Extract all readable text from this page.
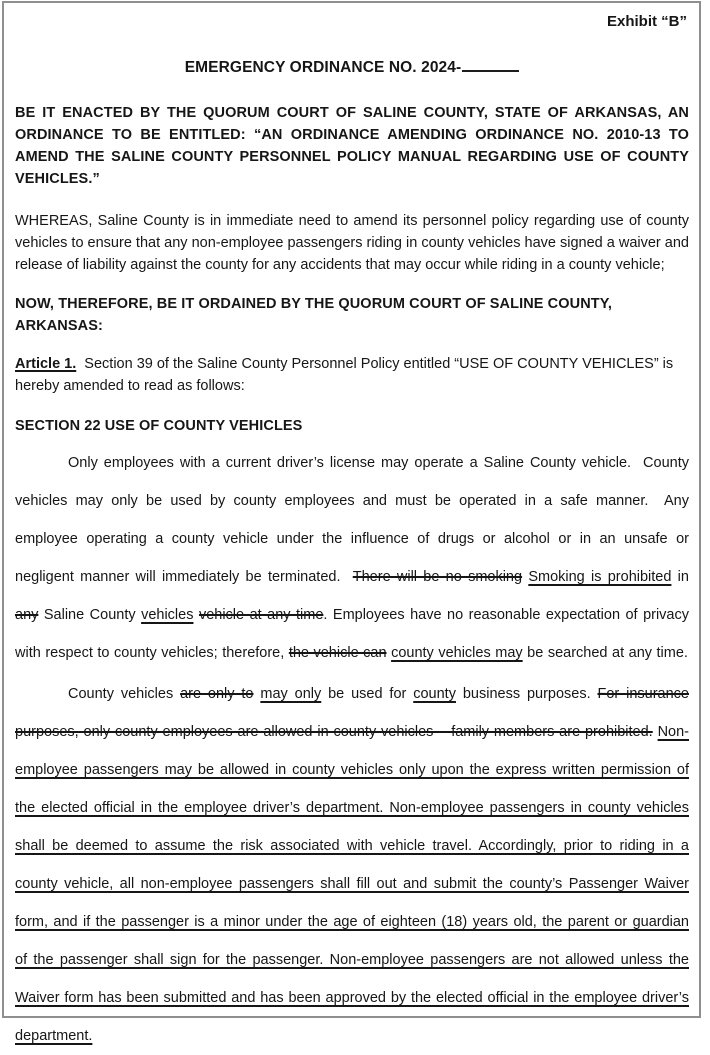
Exhibit “B”
EMERGENCY ORDINANCE NO. 2024-

BE IT ENACTED BY THE QUORUM COURT OF SALINE COUNTY, STATE OF ARKANSAS, AN ORDINANCE TO BE ENTITLED: “AN ORDINANCE AMENDING ORDINANCE NO. 2010-13 TO AMEND THE SALINE COUNTY PERSONNEL POLICY MANUAL REGARDING USE OF COUNTY VEHICLES.”

WHEREAS, Saline County is in immediate need to amend its personnel policy regarding use of county vehicles to ensure that any non-employee passengers riding in county vehicles have signed a waiver and release of liability against the county for any accidents that may occur while riding in a county vehicle;

NOW, THEREFORE, BE IT ORDAINED BY THE QUORUM COURT OF SALINE COUNTY, ARKANSAS:

Article 1.  Section 39 of the Saline County Personnel Policy entitled “USE OF COUNTY VEHICLES” is hereby amended to read as follows:

SECTION 22 USE OF COUNTY VEHICLES

Only employees with a current driver’s license may operate a Saline County vehicle.  County vehicles may only be used by county employees and must be operated in a safe manner.  Any employee operating a county vehicle under the influence of drugs or alcohol or in an unsafe or negligent manner will immediately be terminated.  There will be no smoking Smoking is prohibited in any Saline County vehicles vehicle at any time. Employees have no reasonable expectation of privacy with respect to county vehicles; therefore, the vehicle can county vehicles may be searched at any time.

County vehicles are only to may only be used for county business purposes. For insurance purposes, only county employees are allowed in county vehicles – family members are prohibited. Non-employee passengers may be allowed in county vehicles only upon the express written permission of the elected official in the employee driver’s department. Non-employee passengers in county vehicles shall be deemed to assume the risk associated with vehicle travel. Accordingly, prior to riding in a county vehicle, all non-employee passengers shall fill out and submit the county’s Passenger Waiver form, and if the passenger is a minor under the age of eighteen (18) years old, the parent or guardian of the passenger shall sign for the passenger. Non-employee passengers are not allowed unless the Waiver form has been submitted and has been approved by the elected official in the employee driver’s department.
